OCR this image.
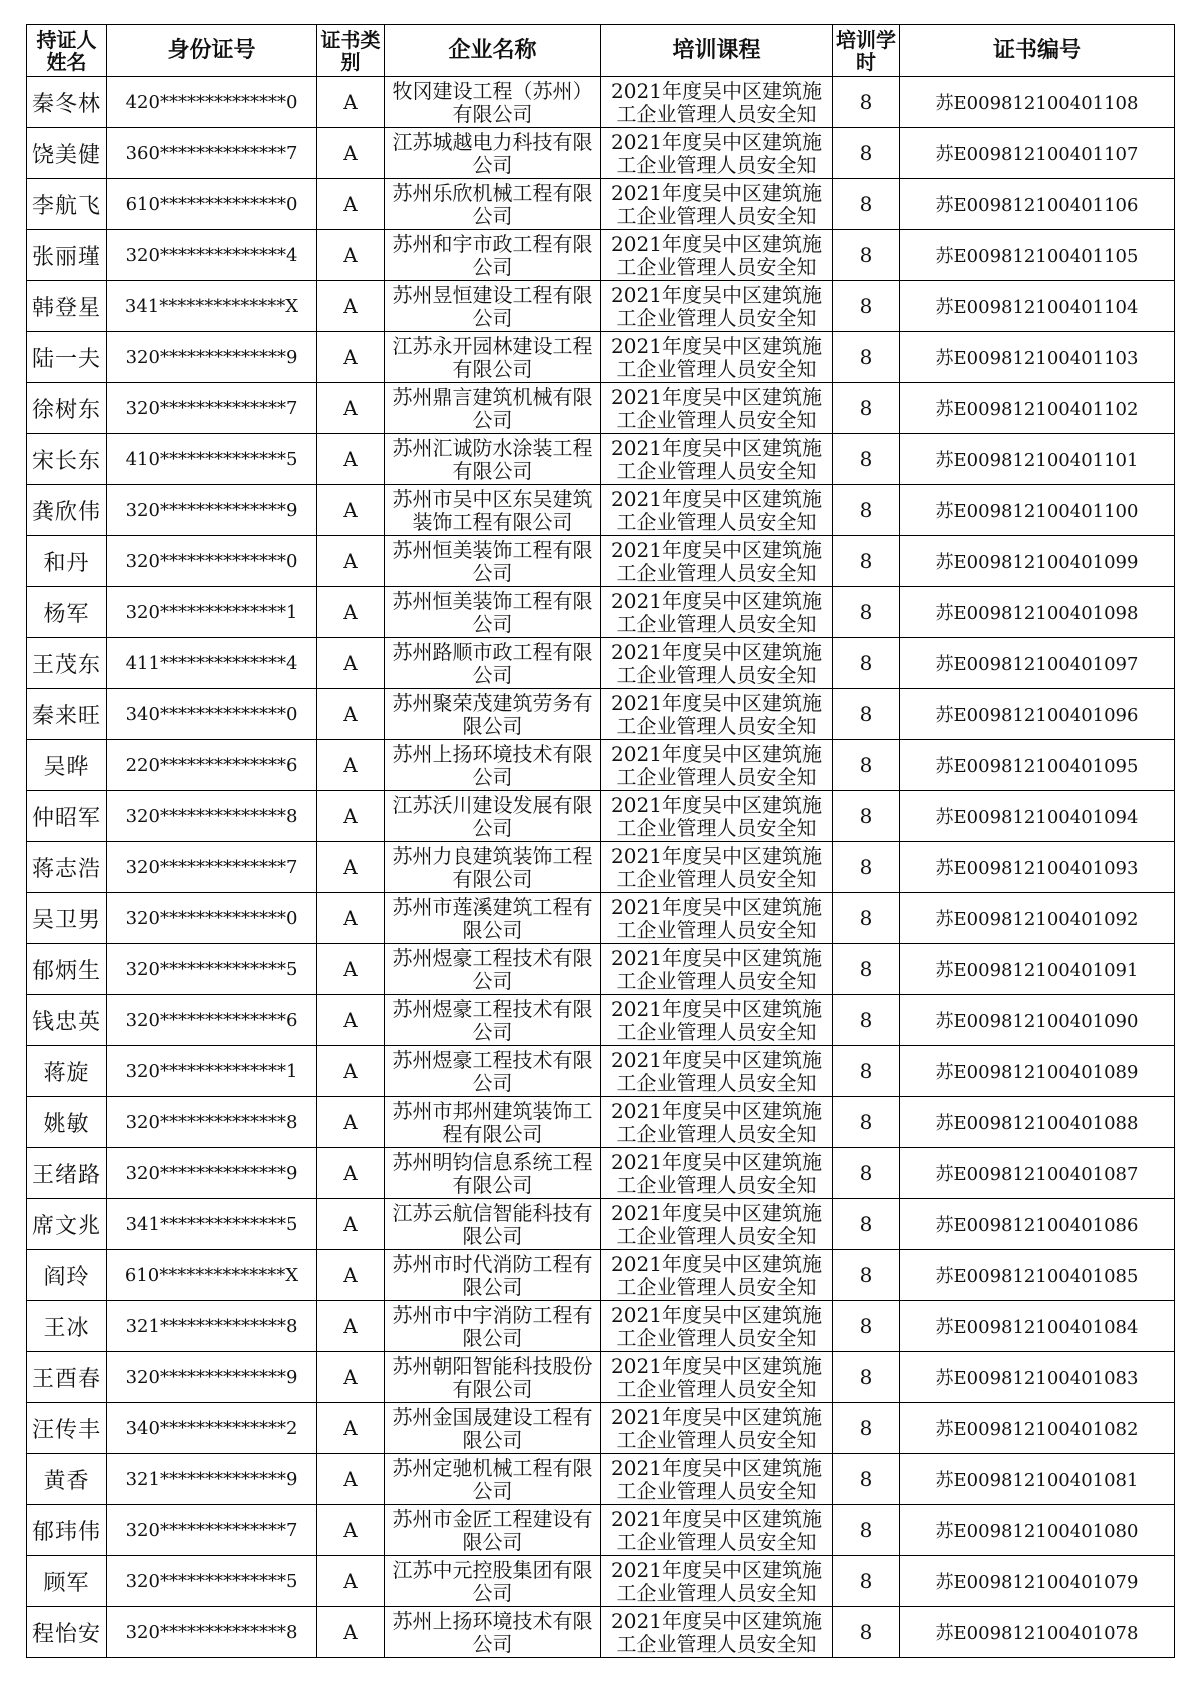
持证人姓名	身份证号	证书类别	企业名称	培训课程	培训学时	证书编号
秦冬林	420**************0	A	牧冈建设工程（苏州）有限公司	2021年度吴中区建筑施工企业管理人员安全知	8	苏E009812100401108
饶美健	360**************7	A	江苏城越电力科技有限公司	2021年度吴中区建筑施工企业管理人员安全知	8	苏E009812100401107
李航飞	610**************0	A	苏州乐欣机械工程有限公司	2021年度吴中区建筑施工企业管理人员安全知	8	苏E009812100401106
张丽瑾	320**************4	A	苏州和宇市政工程有限公司	2021年度吴中区建筑施工企业管理人员安全知	8	苏E009812100401105
韩登星	341**************X	A	苏州昱恒建设工程有限公司	2021年度吴中区建筑施工企业管理人员安全知	8	苏E009812100401104
陆一夫	320**************9	A	江苏永开园林建设工程有限公司	2021年度吴中区建筑施工企业管理人员安全知	8	苏E009812100401103
徐树东	320**************7	A	苏州鼎言建筑机械有限公司	2021年度吴中区建筑施工企业管理人员安全知	8	苏E009812100401102
宋长东	410**************5	A	苏州汇诚防水涂装工程有限公司	2021年度吴中区建筑施工企业管理人员安全知	8	苏E009812100401101
龚欣伟	320**************9	A	苏州市吴中区东吴建筑装饰工程有限公司	2021年度吴中区建筑施工企业管理人员安全知	8	苏E009812100401100
和丹	320**************0	A	苏州恒美装饰工程有限公司	2021年度吴中区建筑施工企业管理人员安全知	8	苏E009812100401099
杨军	320**************1	A	苏州恒美装饰工程有限公司	2021年度吴中区建筑施工企业管理人员安全知	8	苏E009812100401098
王茂东	411**************4	A	苏州路顺市政工程有限公司	2021年度吴中区建筑施工企业管理人员安全知	8	苏E009812100401097
秦来旺	340**************0	A	苏州聚荣茂建筑劳务有限公司	2021年度吴中区建筑施工企业管理人员安全知	8	苏E009812100401096
吴晔	220**************6	A	苏州上扬环境技术有限公司	2021年度吴中区建筑施工企业管理人员安全知	8	苏E009812100401095
仲昭军	320**************8	A	江苏沃川建设发展有限公司	2021年度吴中区建筑施工企业管理人员安全知	8	苏E009812100401094
蒋志浩	320**************7	A	苏州力良建筑装饰工程有限公司	2021年度吴中区建筑施工企业管理人员安全知	8	苏E009812100401093
吴卫男	320**************0	A	苏州市莲溪建筑工程有限公司	2021年度吴中区建筑施工企业管理人员安全知	8	苏E009812100401092
郁炳生	320**************5	A	苏州煜豪工程技术有限公司	2021年度吴中区建筑施工企业管理人员安全知	8	苏E009812100401091
钱忠英	320**************6	A	苏州煜豪工程技术有限公司	2021年度吴中区建筑施工企业管理人员安全知	8	苏E009812100401090
蒋旋	320**************1	A	苏州煜豪工程技术有限公司	2021年度吴中区建筑施工企业管理人员安全知	8	苏E009812100401089
姚敏	320**************8	A	苏州市邦州建筑装饰工程有限公司	2021年度吴中区建筑施工企业管理人员安全知	8	苏E009812100401088
王绪路	320**************9	A	苏州明钧信息系统工程有限公司	2021年度吴中区建筑施工企业管理人员安全知	8	苏E009812100401087
席文兆	341**************5	A	江苏云航信智能科技有限公司	2021年度吴中区建筑施工企业管理人员安全知	8	苏E009812100401086
阎玲	610**************X	A	苏州市时代消防工程有限公司	2021年度吴中区建筑施工企业管理人员安全知	8	苏E009812100401085
王冰	321**************8	A	苏州市中宇消防工程有限公司	2021年度吴中区建筑施工企业管理人员安全知	8	苏E009812100401084
王酉春	320**************9	A	苏州朝阳智能科技股份有限公司	2021年度吴中区建筑施工企业管理人员安全知	8	苏E009812100401083
汪传丰	340**************2	A	苏州金国晟建设工程有限公司	2021年度吴中区建筑施工企业管理人员安全知	8	苏E009812100401082
黄香	321**************9	A	苏州定驰机械工程有限公司	2021年度吴中区建筑施工企业管理人员安全知	8	苏E009812100401081
郁玮伟	320**************7	A	苏州市金匠工程建设有限公司	2021年度吴中区建筑施工企业管理人员安全知	8	苏E009812100401080
顾军	320**************5	A	江苏中元控股集团有限公司	2021年度吴中区建筑施工企业管理人员安全知	8	苏E009812100401079
程怡安	320**************8	A	苏州上扬环境技术有限公司	2021年度吴中区建筑施工企业管理人员安全知	8	苏E009812100401078
